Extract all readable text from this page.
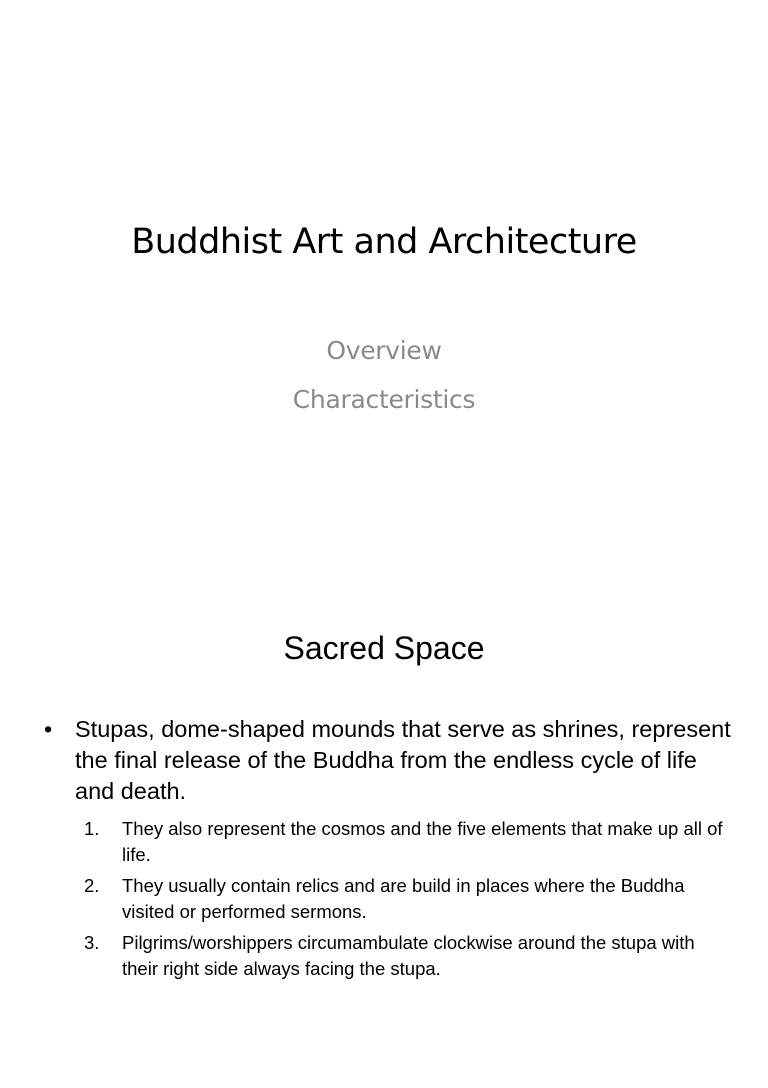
Buddhist Art and Architecture
Overview
Characteristics
Sacred Space
• Stupas, dome-shaped mounds that serve as shrines, represent the final release of the Buddha from the endless cycle of life and death.
1. They also represent the cosmos and the five elements that make up all of life.
2. They usually contain relics and are build in places where the Buddha visited or performed sermons.
3. Pilgrims/worshippers circumambulate clockwise around the stupa with their right side always facing the stupa.
